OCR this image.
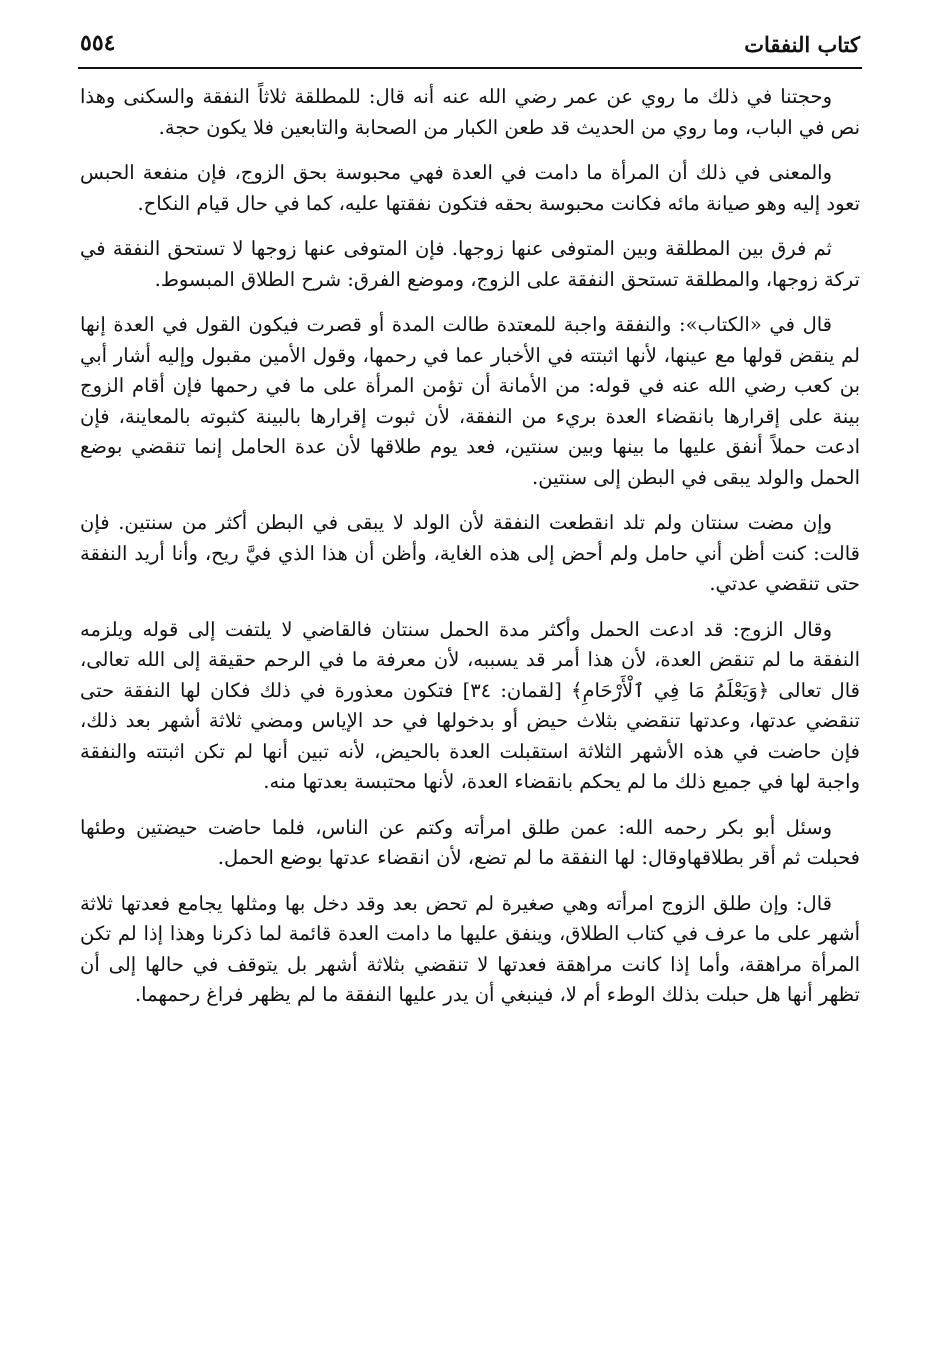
كتاب النفقات
٥٥٤

وحجتنا في ذلك ما روي عن عمر رضي الله عنه أنه قال: للمطلقة ثلاثاً النفقة والسكنى وهذا نص في الباب، وما روي من الحديث قد طعن الكبار من الصحابة والتابعين فلا يكون حجة.

والمعنى في ذلك أن المرأة ما دامت في العدة فهي محبوسة بحق الزوج، فإن منفعة الحبس تعود إليه وهو صيانة مائه فكانت محبوسة بحقه فتكون نفقتها عليه، كما في حال قيام النكاح.

ثم فرق بين المطلقة وبين المتوفى عنها زوجها. فإن المتوفى عنها زوجها لا تستحق النفقة في تركة زوجها، والمطلقة تستحق النفقة على الزوج، وموضع الفرق: شرح الطلاق المبسوط.

قال في «الكتاب»: والنفقة واجبة للمعتدة طالت المدة أو قصرت فيكون القول في العدة إنها لم ينقض قولها مع عينها، لأنها اثبتته في الأخبار عما في رحمها، وقول الأمين مقبول وإليه أشار أبي بن كعب رضي الله عنه في قوله: من الأمانة أن تؤمن المرأة على ما في رحمها فإن أقام الزوج بينة على إقرارها بانقضاء العدة بريء من النفقة، لأن ثبوت إقرارها بالبينة كثبوته بالمعاينة، فإن ادعت حملاً أنفق عليها ما بينها وبين سنتين، فعد يوم طلاقها لأن عدة الحامل إنما تنقضي بوضع الحمل والولد يبقى في البطن إلى سنتين.

وإن مضت سنتان ولم تلد انقطعت النفقة لأن الولد لا يبقى في البطن أكثر من سنتين. فإن قالت: كنت أظن أني حامل ولم أحض إلى هذه الغاية، وأظن أن هذا الذي فيَّ ريح، وأنا أريد النفقة حتى تنقضي عدتي.

وقال الزوج: قد ادعت الحمل وأكثر مدة الحمل سنتان فالقاضي لا يلتفت إلى قوله ويلزمه النفقة ما لم تنقض العدة، لأن هذا أمر قد يسببه، لأن معرفة ما في الرحم حقيقة إلى الله تعالى، قال تعالى ﴿وَيَعْلَمُ مَا فِي ٱلْأَرْحَامِ﴾ [لقمان: ٣٤] فتكون معذورة في ذلك فكان لها النفقة حتى تنقضي عدتها، وعدتها تنقضي بثلاث حيض أو بدخولها في حد الإياس ومضي ثلاثة أشهر بعد ذلك، فإن حاضت في هذه الأشهر الثلاثة استقبلت العدة بالحيض، لأنه تبين أنها لم تكن اثبتته والنفقة واجبة لها في جميع ذلك ما لم يحكم بانقضاء العدة، لأنها محتبسة بعدتها منه.

وسئل أبو بكر رحمه الله: عمن طلق امرأته وكتم عن الناس، فلما حاضت حيضتين وطئها فحبلت ثم أقر بطلاقهاوقال: لها النفقة ما لم تضع، لأن انقضاء عدتها بوضع الحمل.

قال: وإن طلق الزوج امرأته وهي صغيرة لم تحض بعد وقد دخل بها ومثلها يجامع فعدتها ثلاثة أشهر على ما عرف في كتاب الطلاق، وينفق عليها ما دامت العدة قائمة لما ذكرنا وهذا إذا لم تكن المرأة مراهقة، وأما إذا كانت مراهقة فعدتها لا تنقضي بثلاثة أشهر بل يتوقف في حالها إلى أن تظهر أنها هل حبلت بذلك الوطء أم لا، فينبغي أن يدر عليها النفقة ما لم يظهر فراغ رحمهما.
